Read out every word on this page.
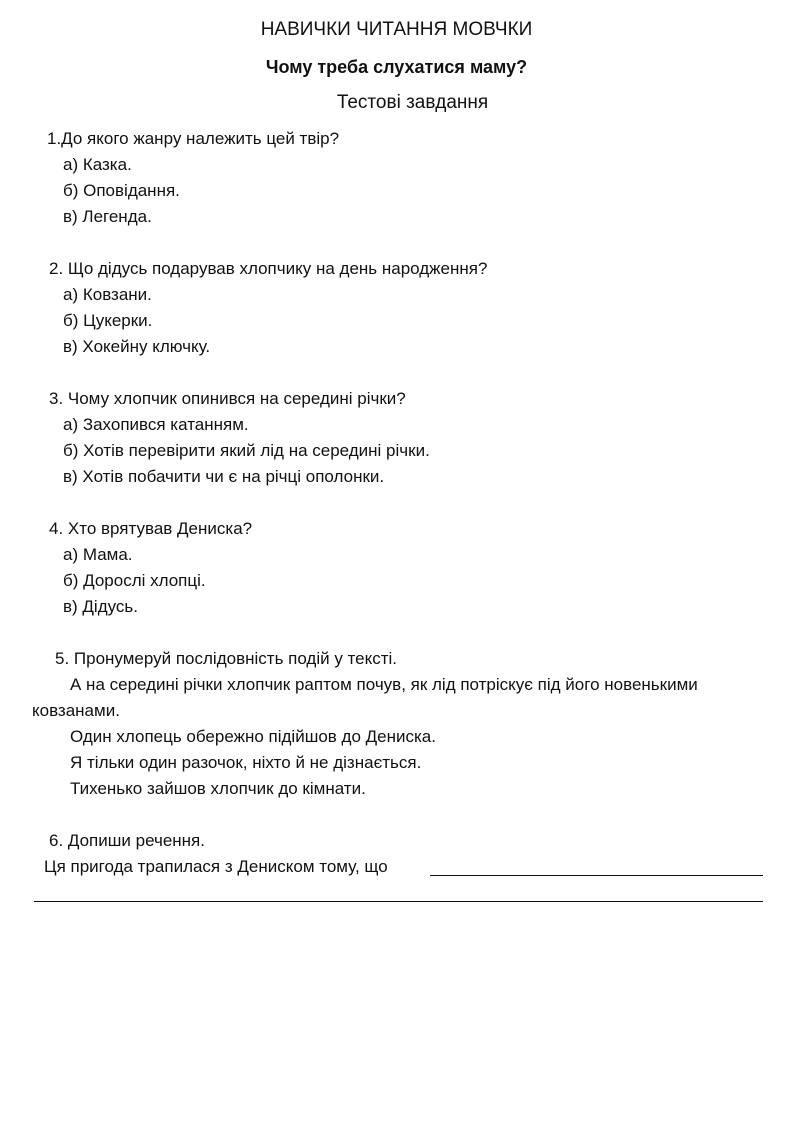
НАВИЧКИ ЧИТАННЯ МОВЧКИ
Чому треба слухатися маму?
Тестові завдання
1.До якого жанру належить цей твір?
а) Казка.
б) Оповідання.
в) Легенда.
2. Що дідусь подарував хлопчику на день народження?
а) Ковзани.
б) Цукерки.
в) Хокейну ключку.
3. Чому хлопчик опинився на середині річки?
а) Захопився катанням.
б) Хотів перевірити який лід на середині річки.
в) Хотів побачити чи є на річці ополонки.
4. Хто врятував Дениска?
а) Мама.
б) Дорослі хлопці.
в) Дідусь.
5. Пронумеруй послідовність подій у тексті.
А на середині річки хлопчик раптом почув, як лід потріскує під його новенькими
ковзанами.
Один хлопець обережно підійшов до Дениска.
Я тільки один разочок, ніхто й не дізнається.
Тихенько зайшов хлопчик до кімнати.
6. Допиши речення.
Ця пригода трапилася з Дениском тому, що
